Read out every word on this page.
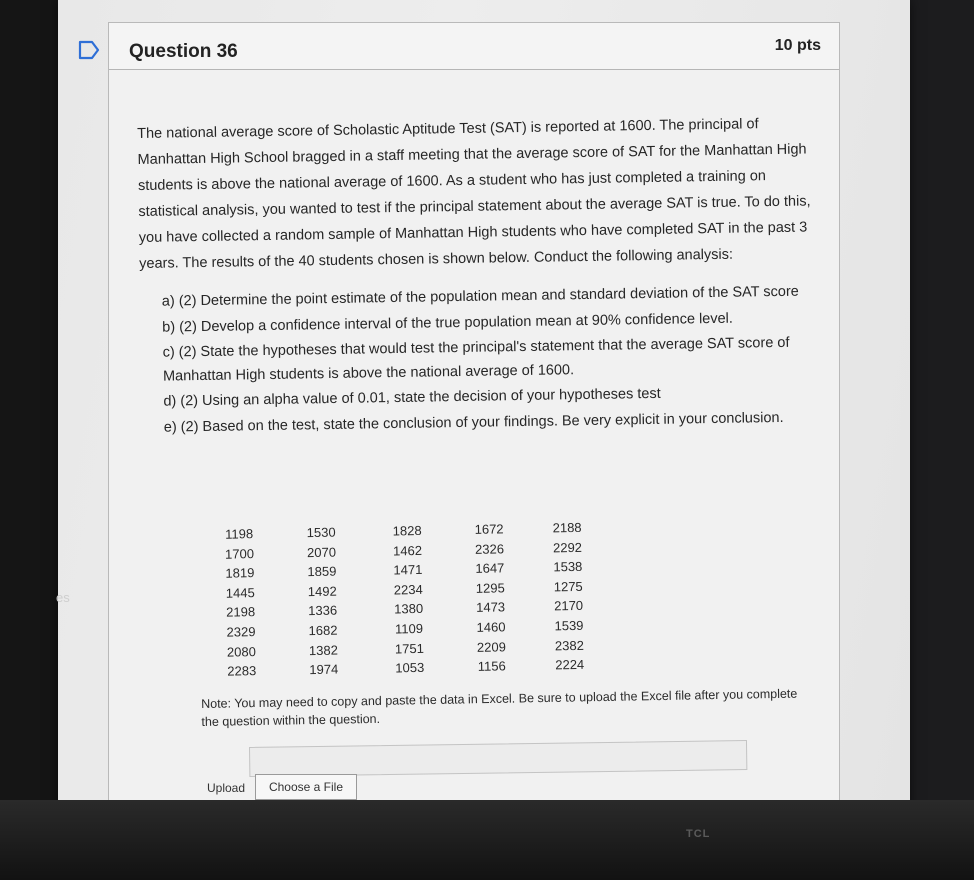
es
Question 36	10 pts

The national average score of Scholastic Aptitude Test (SAT) is reported at 1600. The principal of Manhattan High School bragged in a staff meeting that the average score of SAT for the Manhattan High students is above the national average of 1600. As a student who has just completed a training on statistical analysis, you wanted to test if the principal statement about the average SAT is true. To do this, you have collected a random sample of Manhattan High students who have completed SAT in the past 3 years. The results of the 40 students chosen is shown below. Conduct the following analysis:

a) (2) Determine the point estimate of the population mean and standard deviation of the SAT score

b) (2) Develop a confidence interval of the true population mean at 90% confidence level.

c) (2) State the hypotheses that would test the principal's statement that the average SAT score of Manhattan High students is above the national average of 1600.

d) (2) Using an alpha value of 0.01, state the decision of your hypotheses test

e) (2) Based on the test, state the conclusion of your findings. Be very explicit in your conclusion.

1198
1700
1819
1445
2198
2329
2080
2283
1530
2070
1859
1492
1336
1682
1382
1974
1828
1462
1471
2234
1380
1109
1751
1053
1672
2326
1647
1295
1473
1460
2209
1156
2188
2292
1538
1275
2170
1539
2382
2224
Note: You may need to copy and paste the data in Excel. Be sure to upload the Excel file after you complete the question within the question.
Upload	Choose a File
TCL
